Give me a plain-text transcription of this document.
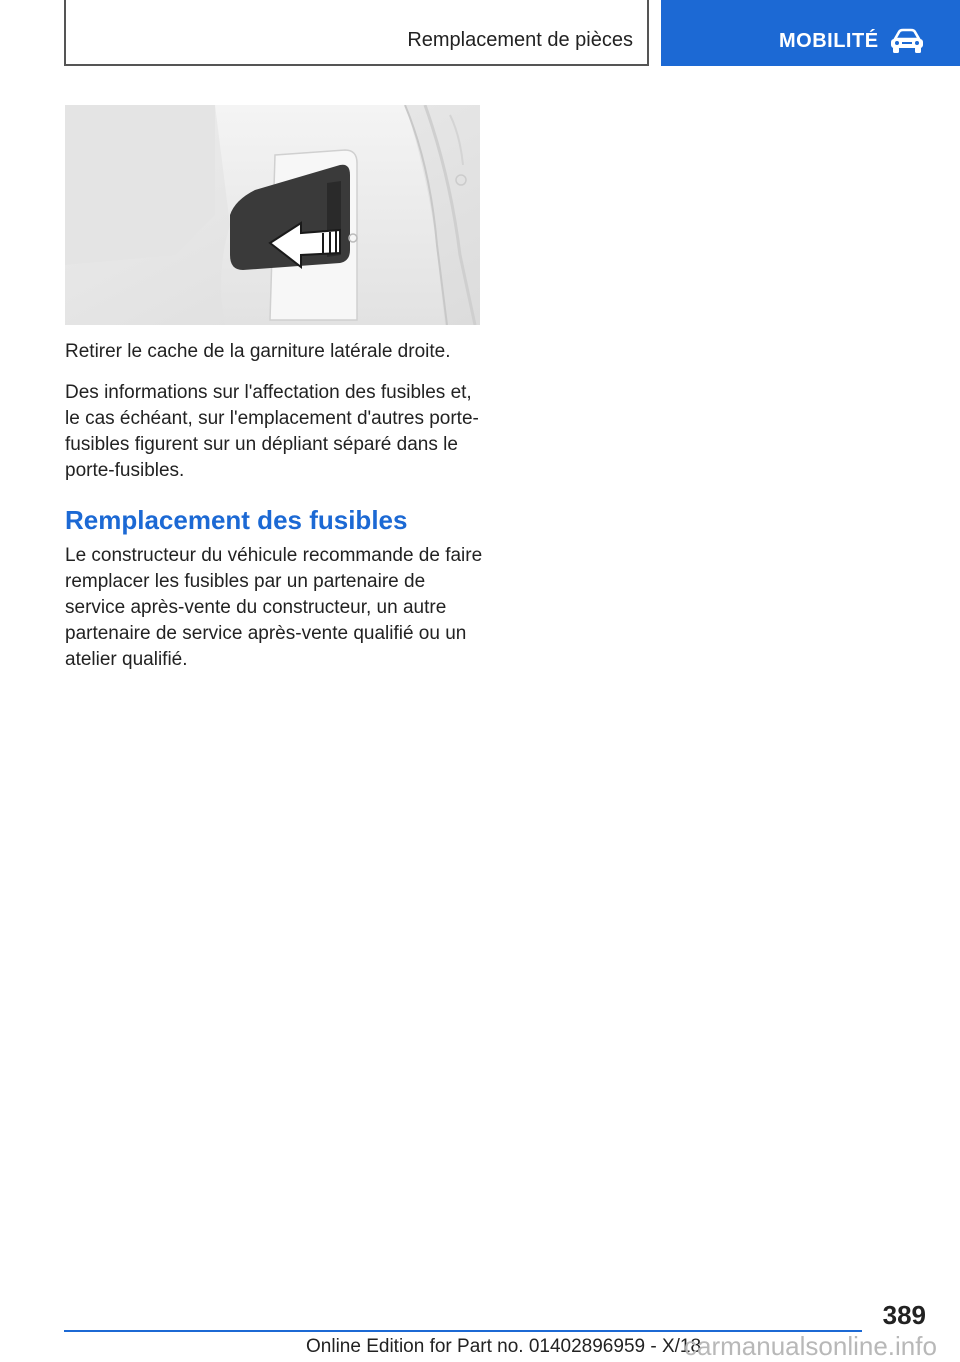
Remplacement de pièces	MOBILITÉ

Retirer le cache de la garniture latérale droite.

Des informations sur l'affectation des fusibles et, le cas échéant, sur l'emplacement d'autres porte-fusibles figurent sur un dépliant séparé dans le porte-fusibles.

Remplacement des fusibles

Le constructeur du véhicule recommande de faire remplacer les fusibles par un partenaire de service après-vente du constructeur, un autre partenaire de service après-vente qualifié ou un atelier qualifié.

389
Online Edition for Part no. 01402896959 - X/18
carmanualsonline.info
